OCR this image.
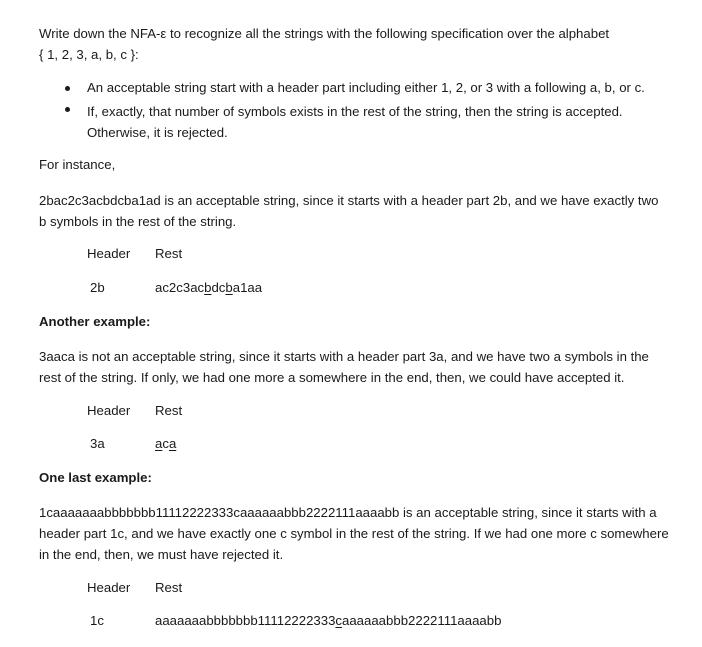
Write down the NFA-ε to recognize all the strings with the following specification over the alphabet
{ 1, 2, 3, a, b, c }:
An acceptable string start with a header part including either 1, 2, or 3 with a following a, b, or c.

If, exactly, that number of symbols exists in the rest of the string, then the string is accepted. Otherwise, it is rejected.

For instance,

2bac2c3acbdcba1ad is an acceptable string, since it starts with a header part 2b, and we have exactly two b symbols in the rest of the string.

Header Rest
2b	ac2c3acbdcba1aa
Another example:

3aaca is not an acceptable string, since it starts with a header part 3a, and we have two a symbols in the rest of the string. If only, we had one more a somewhere in the end, then, we could have accepted it.

Header Rest
3a	aca
One last example:

1caaaaaaabbbbbbb11112222333caaaaaabbb2222111aaaabb is an acceptable string, since it starts with a header part 1c, and we have exactly one c symbol in the rest of the string. If we had one more c somewhere in the end, then, we must have rejected it.

Header Rest
1c	aaaaaaabbbbbbb11112222333caaaaaabbb2222111aaaabb
